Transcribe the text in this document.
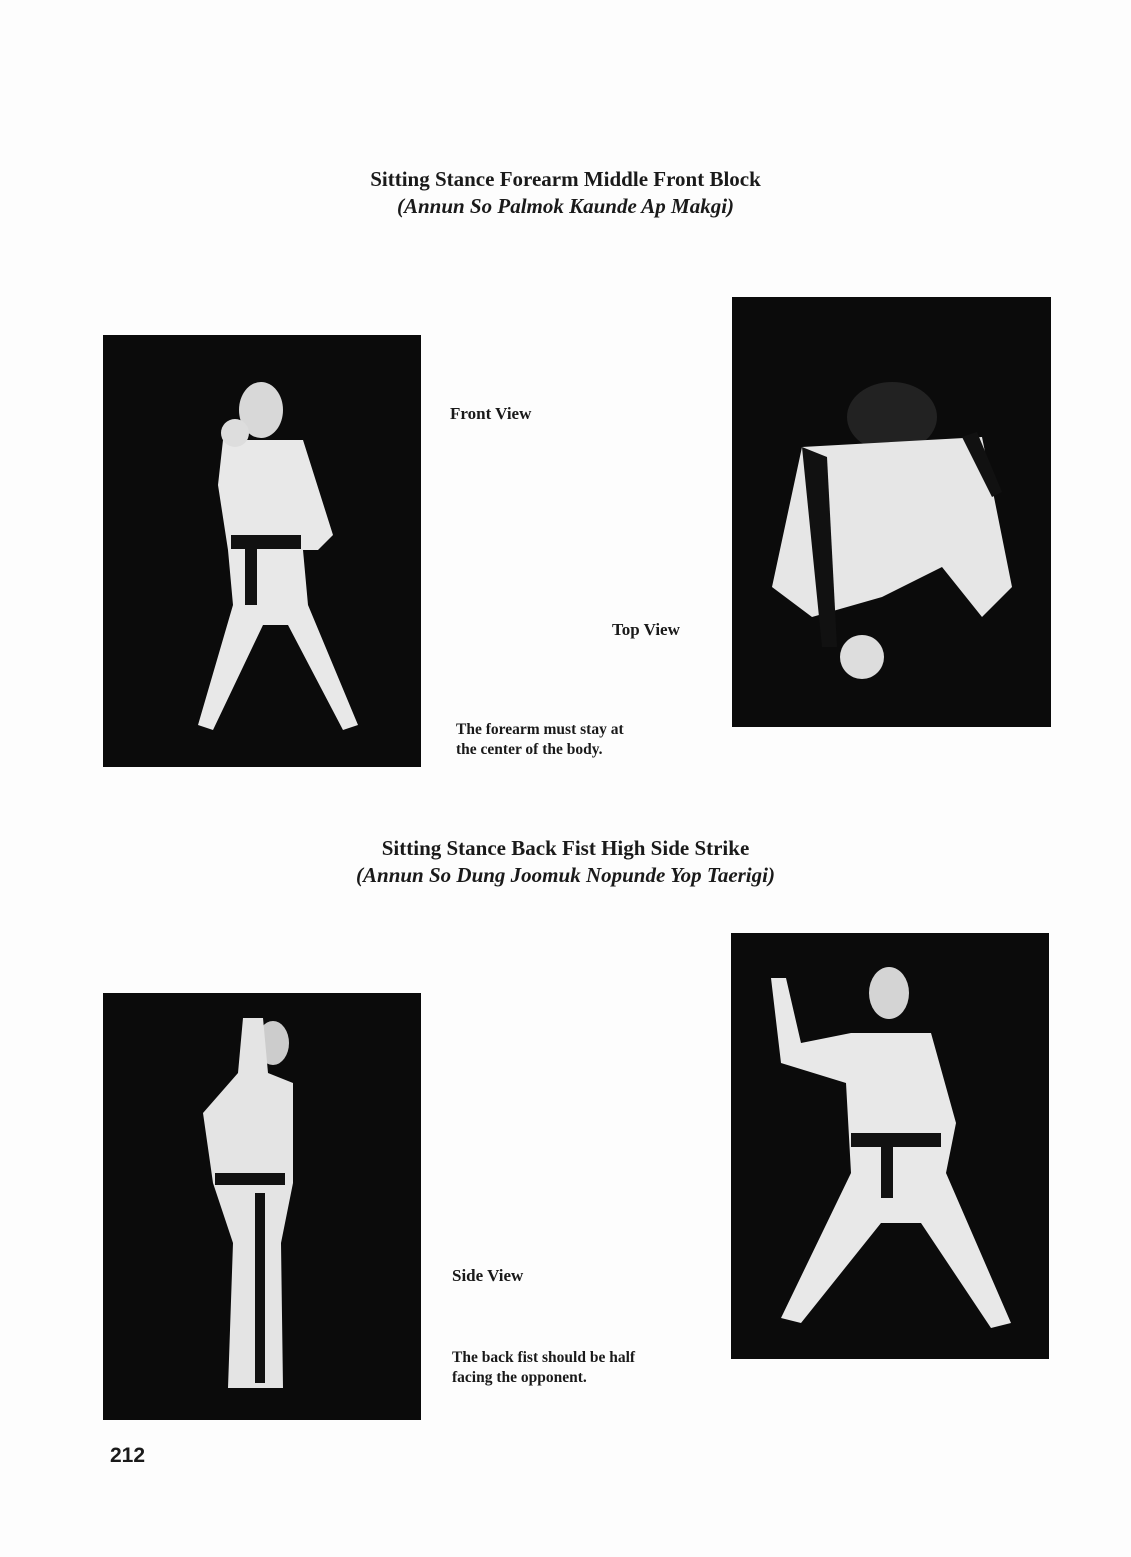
Sitting Stance Forearm Middle Front Block
(Annun So Palmok Kaunde Ap Makgi)
Front View
Top View
The forearm must stay at
the center of the body.
Sitting Stance Back Fist High Side Strike
(Annun So Dung Joomuk Nopunde Yop Taerigi)
Side View
The back fist should be half
facing the opponent.
212
